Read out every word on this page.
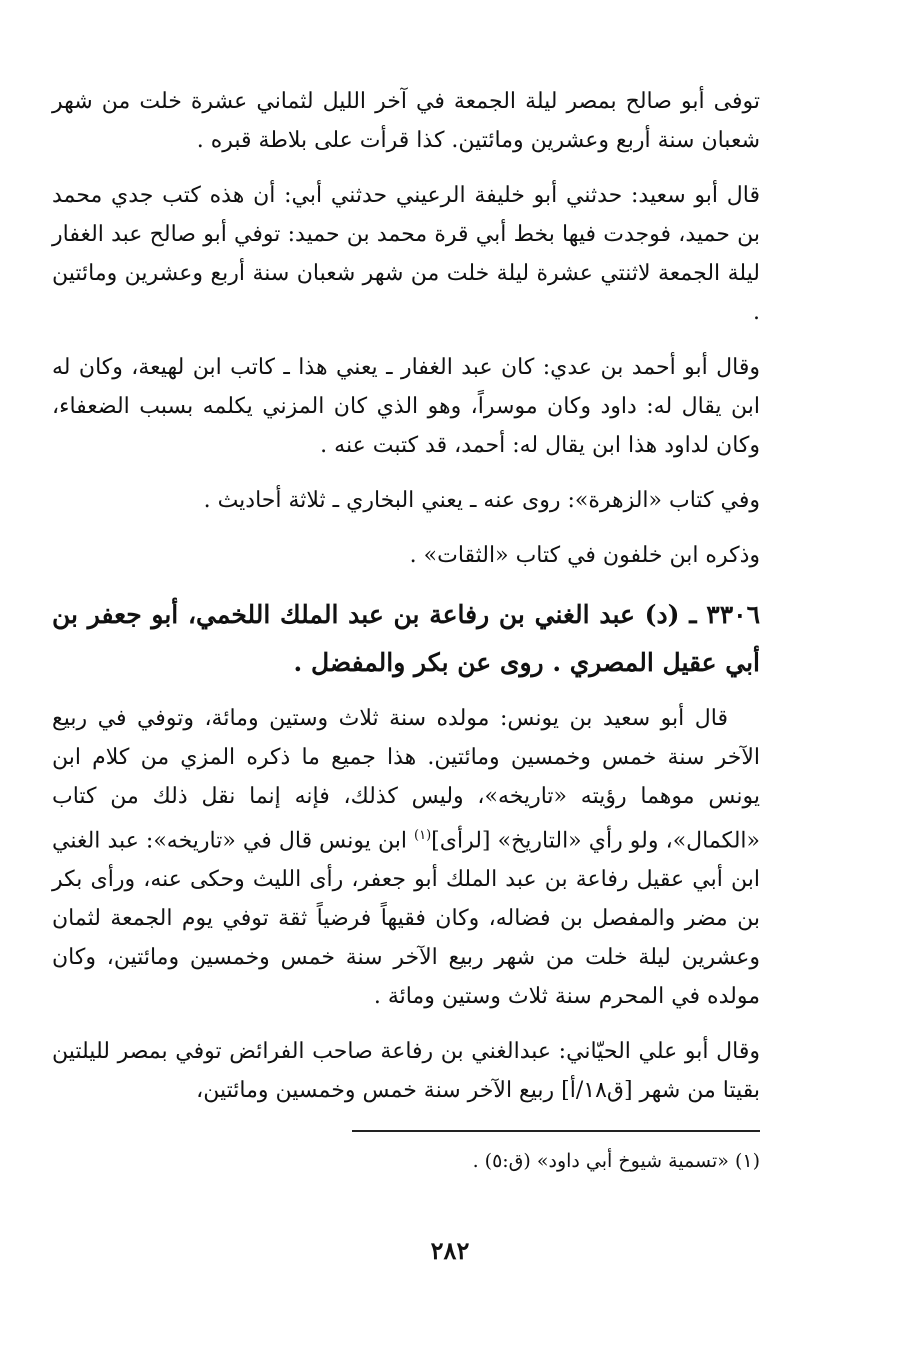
توفى أبو صالح بمصر ليلة الجمعة في آخر الليل لثماني عشرة خلت من شهر شعبان سنة أربع وعشرين ومائتين. كذا قرأت على بلاطة قبره .

قال أبو سعيد: حدثني أبو خليفة الرعيني حدثني أبي: أن هذه كتب جدي محمد بن حميد، فوجدت فيها بخط أبي قرة محمد بن حميد: توفي أبو صالح عبد الغفار ليلة الجمعة لاثنتي عشرة ليلة خلت من شهر شعبان سنة أربع وعشرين ومائتين .

وقال أبو أحمد بن عدي: كان عبد الغفار ـ يعني هذا ـ كاتب ابن لهيعة، وكان له ابن يقال له: داود وكان موسراً، وهو الذي كان المزني يكلمه بسبب الضعفاء، وكان لداود هذا ابن يقال له: أحمد، قد كتبت عنه .

وفي كتاب «الزهرة»: روى عنه ـ يعني البخاري ـ ثلاثة أحاديث .

وذكره ابن خلفون في كتاب «الثقات» .

٣٣٠٦ ـ (د) عبد الغني بن رفاعة بن عبد الملك اللخمي، أبو جعفر بن أبي عقيل المصري . روى عن بكر والمفضل .

قال أبو سعيد بن يونس: مولده سنة ثلاث وستين ومائة، وتوفي في ربيع الآخر سنة خمس وخمسين ومائتين. هذا جميع ما ذكره المزي من كلام ابن يونس موهما رؤيته «تاريخه»، وليس كذلك، فإنه إنما نقل ذلك من كتاب «الكمال»، ولو رأي «التاريخ» [لرأى]$^{(١)}$ ابن يونس قال في «تاريخه»: عبد الغني ابن أبي عقيل رفاعة بن عبد الملك أبو جعفر، رأى الليث وحكى عنه، ورأى بكر بن مضر والمفصل بن فضاله، وكان فقيهاً فرضياً ثقة توفي يوم الجمعة لثمان وعشرين ليلة خلت من شهر ربيع الآخر سنة خمس وخمسين ومائتين، وكان مولده في المحرم سنة ثلاث وستين ومائة .

وقال أبو علي الحيّاني: عبدالغني بن رفاعة صاحب الفرائض توفي بمصر لليلتين بقيتا من شهر [ق١٨/أ] ربيع الآخر سنة خمس وخمسين ومائتين،

(١) «تسمية شيوخ أبي داود» (ق:٥) .

٢٨٢
